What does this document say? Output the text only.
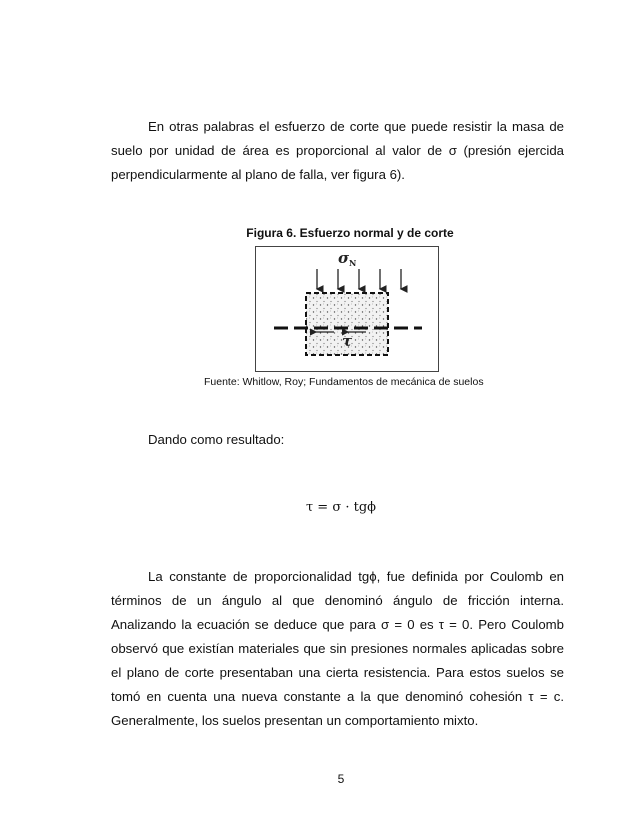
En otras palabras el esfuerzo de corte que puede resistir la masa de suelo por unidad de área es proporcional al valor de σ (presión ejercida perpendicularmente al plano de falla, ver figura 6).

Figura 6. Esfuerzo normal y de corte
σ N
τ
Fuente: Whitlow, Roy; Fundamentos de mecánica de suelos

Dando como resultado:

τ = σ · tgϕ

La constante de proporcionalidad tgϕ, fue definida por Coulomb en términos de un ángulo al que denominó ángulo de fricción interna. Analizando la ecuación se deduce que para σ = 0 es τ = 0. Pero Coulomb observó que existían materiales que sin presiones normales aplicadas sobre el plano de corte presentaban una cierta resistencia. Para estos suelos se tomó en cuenta una nueva constante a la que denominó cohesión τ = c. Generalmente, los suelos presentan un comportamiento mixto.

5
